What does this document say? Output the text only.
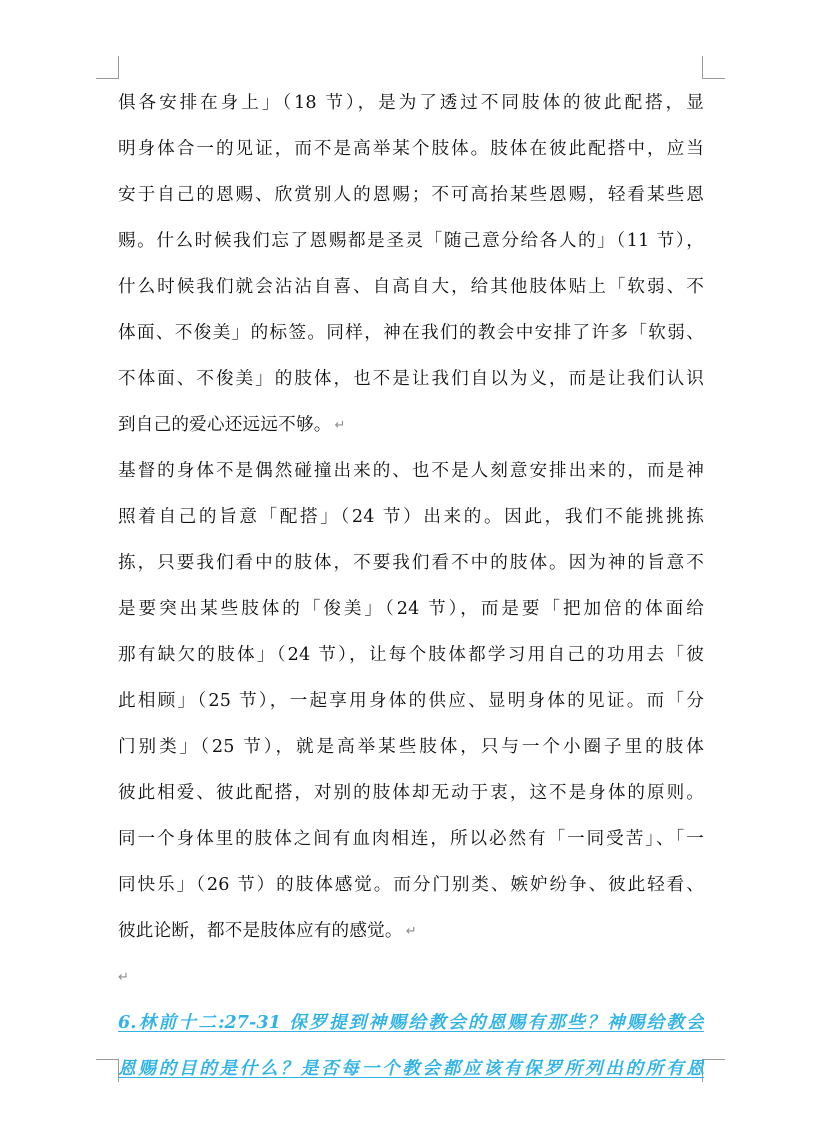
俱各安排在身上」（18 节），是为了透过不同肢体的彼此配搭，显
明身体合一的见证，而不是高举某个肢体。肢体在彼此配搭中，应当
安于自己的恩赐、欣赏别人的恩赐；不可高抬某些恩赐，轻看某些恩
赐。什么时候我们忘了恩赐都是圣灵「随己意分给各人的」（11 节），
什么时候我们就会沾沾自喜、自高自大，给其他肢体贴上「软弱、不
体面、不俊美」的标签。同样，神在我们的教会中安排了许多「软弱、
不体面、不俊美」的肢体，也不是让我们自以为义，而是让我们认识
到自己的爱心还远远不够。 ↵
基督的身体不是偶然碰撞出来的、也不是人刻意安排出来的，而是神
照着自己的旨意「配搭」（24 节）出来的。因此，我们不能挑挑拣
拣，只要我们看中的肢体，不要我们看不中的肢体。因为神的旨意不
是要突出某些肢体的「俊美」（24 节），而是要「把加倍的体面给
那有缺欠的肢体」（24 节），让每个肢体都学习用自己的功用去「彼
此相顾」（25 节），一起享用身体的供应、显明身体的见证。而「分
门别类」（25 节），就是高举某些肢体，只与一个小圈子里的肢体
彼此相爱、彼此配搭，对别的肢体却无动于衷，这不是身体的原则。
同一个身体里的肢体之间有血肉相连，所以必然有「一同受苦」、「一
同快乐」（26 节）的肢体感觉。而分门别类、嫉妒纷争、彼此轻看、
彼此论断，都不是肢体应有的感觉。 ↵
↵
6.林前十二:27-31 保罗提到神赐给教会的恩赐有那些？神赐给教会
恩赐的目的是什么？是否每一个教会都应该有保罗所列出的所有恩
